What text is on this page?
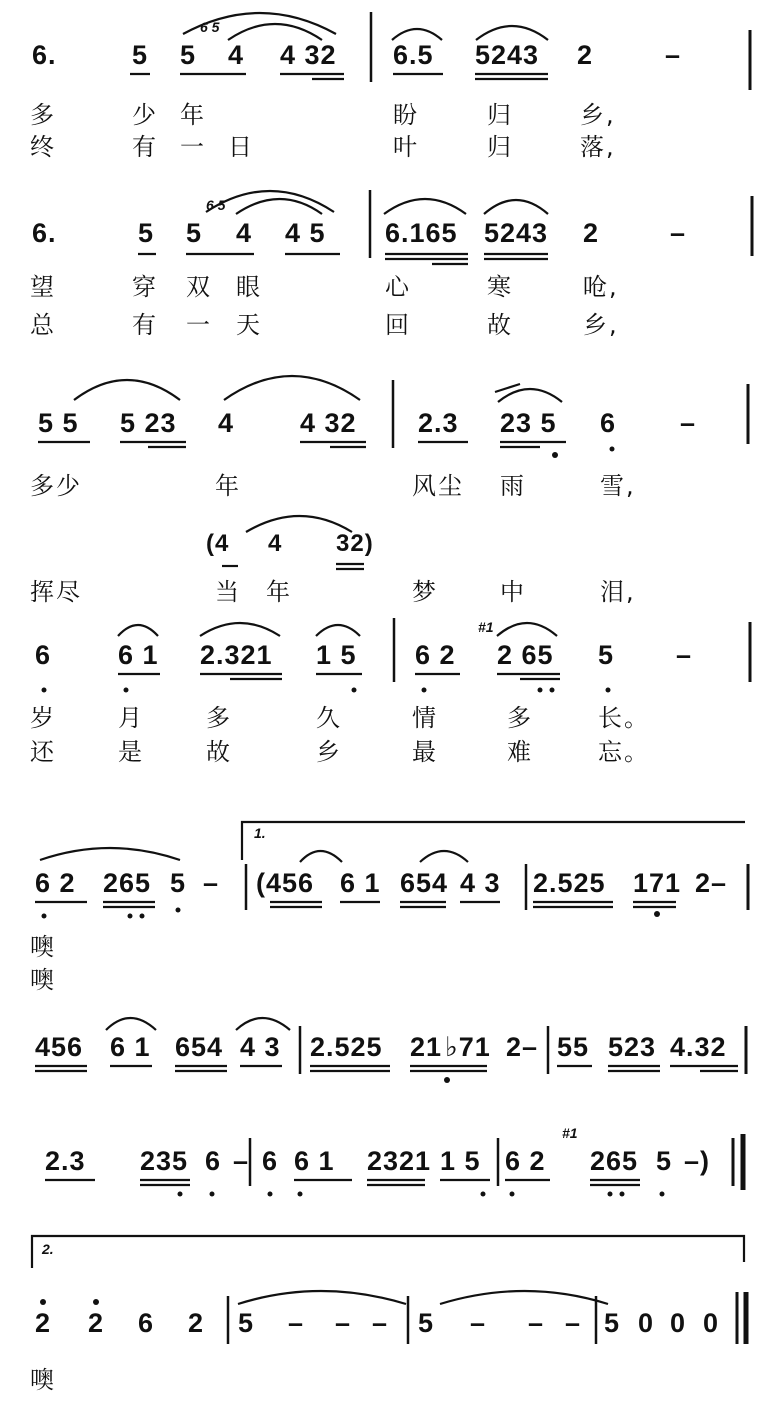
6.	5 5 4 4 32 6.5 5243 2	–
6 5
多	少 年	盼	归	乡,
终	有 一 日	叶	归	落,
6.	5 5 4 4 5 6.165 5243 2	–
6 5
望	穿 双 眼	心	寒	呛,
总	有 一 天	回	故	乡,
5 5 5 23 4 4 32 2.3 23 5 6 –
多少	年	风尘 雨	雪,
(4 4 32)
挥尽	当 年	梦	中	泪,
6 6 1 2.321 1 5 6 2 2 65 5 –
#1
岁	月	多	久	情	多	长。
还	是	故	乡	最	难	忘。
1.
6 2 265 5 – (456 6 1 654 4 3 2.525 171 2–
噢
噢
456 6 1 654 4 3 2.525 21 ♭71 2– 55 523 4.32
2.3 235 6 – 6 6 1 2321 1 5 6 2 265 5 –)
#1
2.
2 2 6 2 5 – – – 5 – – – 5 0 0 0
噢
